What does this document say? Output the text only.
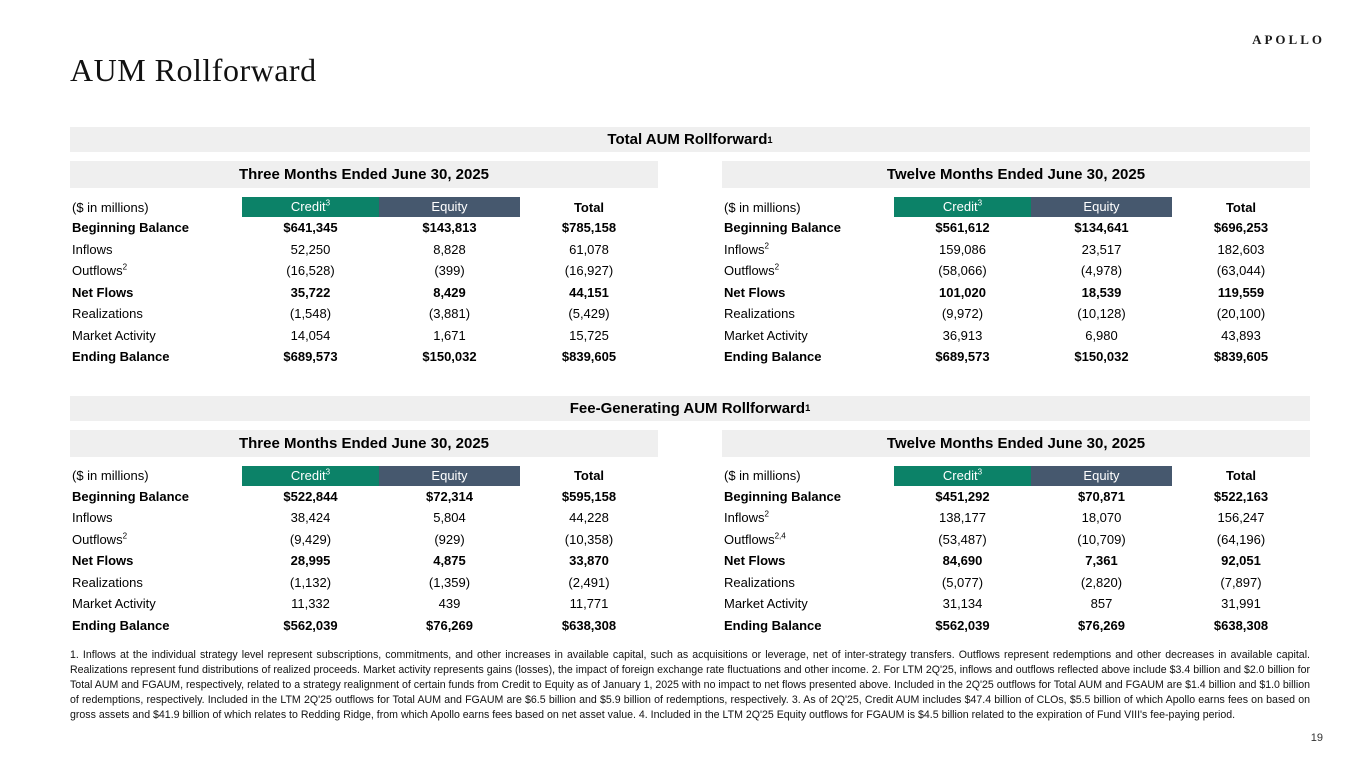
APOLLO
AUM Rollforward
Total AUM Rollforward 1
Three Months Ended June 30, 2025
($ in millions)	Credit$^3$	Equity	Total
Beginning Balance	$641,345	$143,813	$785,158
Inflows	52,250	8,828	61,078
Outflows$^2$	(16,528)	(399)	(16,927)
Net Flows	35,722	8,429	44,151
Realizations	(1,548)	(3,881)	(5,429)
Market Activity	14,054	1,671	15,725
Ending Balance	$689,573	$150,032	$839,605
Twelve Months Ended June 30, 2025
($ in millions)	Credit$^3$	Equity	Total
Beginning Balance	$561,612	$134,641	$696,253
Inflows$^2$	159,086	23,517	182,603
Outflows$^2$	(58,066)	(4,978)	(63,044)
Net Flows	101,020	18,539	119,559
Realizations	(9,972)	(10,128)	(20,100)
Market Activity	36,913	6,980	43,893
Ending Balance	$689,573	$150,032	$839,605
Fee-Generating AUM Rollforward 1
Three Months Ended June 30, 2025
($ in millions)	Credit$^3$	Equity	Total
Beginning Balance	$522,844	$72,314	$595,158
Inflows	38,424	5,804	44,228
Outflows$^2$	(9,429)	(929)	(10,358)
Net Flows	28,995	4,875	33,870
Realizations	(1,132)	(1,359)	(2,491)
Market Activity	11,332	439	11,771
Ending Balance	$562,039	$76,269	$638,308
Twelve Months Ended June 30, 2025
($ in millions)	Credit$^3$	Equity	Total
Beginning Balance	$451,292	$70,871	$522,163
Inflows$^2$	138,177	18,070	156,247
Outflows$^{2,4}$	(53,487)	(10,709)	(64,196)
Net Flows	84,690	7,361	92,051
Realizations	(5,077)	(2,820)	(7,897)
Market Activity	31,134	857	31,991
Ending Balance	$562,039	$76,269	$638,308

1. Inflows at the individual strategy level represent subscriptions, commitments, and other increases in available capital, such as acquisitions or leverage, net of inter-strategy transfers. Outflows represent redemptions and other decreases in available capital. Realizations represent fund distributions of realized proceeds. Market activity represents gains (losses), the impact of foreign exchange rate fluctuations and other income. 2. For LTM 2Q'25, inflows and outflows reflected above include $3.4 billion and $2.0 billion for Total AUM and FGAUM, respectively, related to a strategy realignment of certain funds from Credit to Equity as of January 1, 2025 with no impact to net flows presented above. Included in the 2Q'25 outflows for Total AUM and FGAUM are $1.4 billion and $1.0 billion of redemptions, respectively. Included in the LTM 2Q'25 outflows for Total AUM and FGAUM are $6.5 billion and $5.9 billion of redemptions, respectively. 3. As of 2Q'25, Credit AUM includes $47.4 billion of CLOs, $5.5 billion of which Apollo earns fees on based on gross assets and $41.9 billion of which relates to Redding Ridge, from which Apollo earns fees based on net asset value. 4. Included in the LTM 2Q'25 Equity outflows for FGAUM is $4.5 billion related to the expiration of Fund VIII's fee-paying period.

19
